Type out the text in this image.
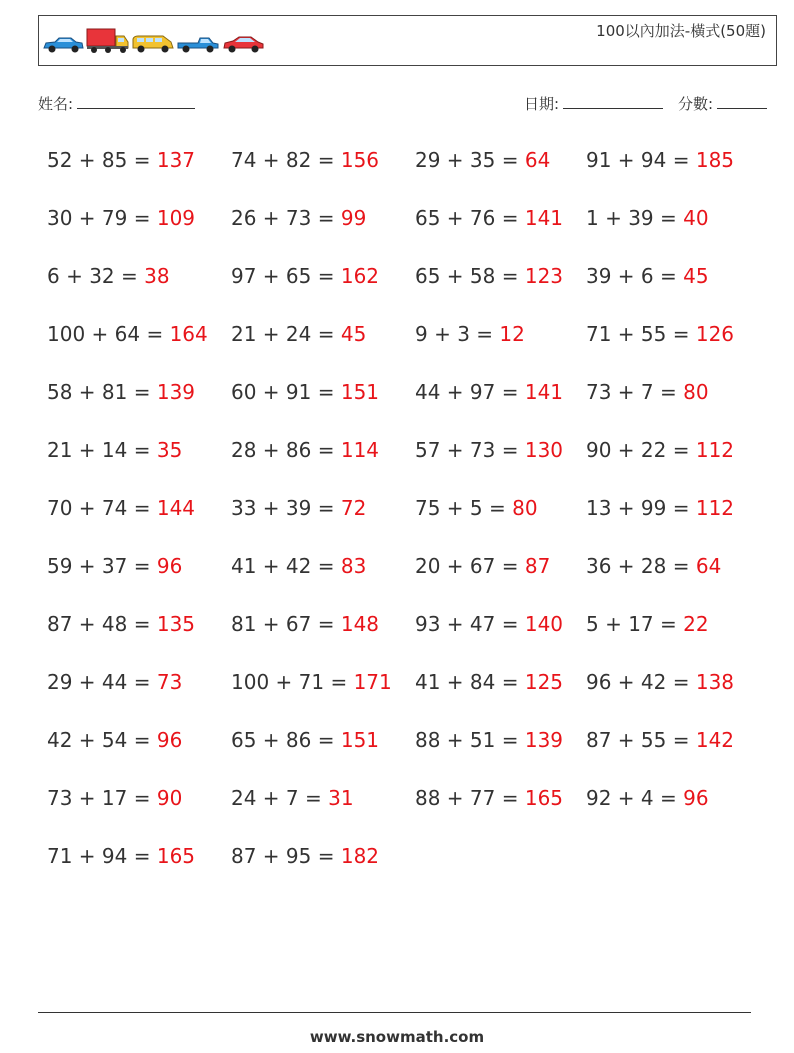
100以內加法-橫式(50題)
姓名:	日期:	分數:
52 + 85 = 137 74 + 82 = 156 29 + 35 = 64 91 + 94 = 185
30 + 79 = 109 26 + 73 = 99 65 + 76 = 141 1 + 39 = 40
6 + 32 = 38	97 + 65 = 162 65 + 58 = 123 39 + 6 = 45
100 + 64 = 164 21 + 24 = 45 9 + 3 = 12	71 + 55 = 126
58 + 81 = 139 60 + 91 = 151 44 + 97 = 141 73 + 7 = 80
21 + 14 = 35 28 + 86 = 114 57 + 73 = 130 90 + 22 = 112
70 + 74 = 144 33 + 39 = 72 75 + 5 = 80 13 + 99 = 112
59 + 37 = 96 41 + 42 = 83 20 + 67 = 87 36 + 28 = 64
87 + 48 = 135 81 + 67 = 148 93 + 47 = 140 5 + 17 = 22
29 + 44 = 73 100 + 71 = 171 41 + 84 = 125 96 + 42 = 138
42 + 54 = 96 65 + 86 = 151 88 + 51 = 139 87 + 55 = 142
73 + 17 = 90 24 + 7 = 31	88 + 77 = 165 92 + 4 = 96
71 + 94 = 165 87 + 95 = 182
www.snowmath.com
